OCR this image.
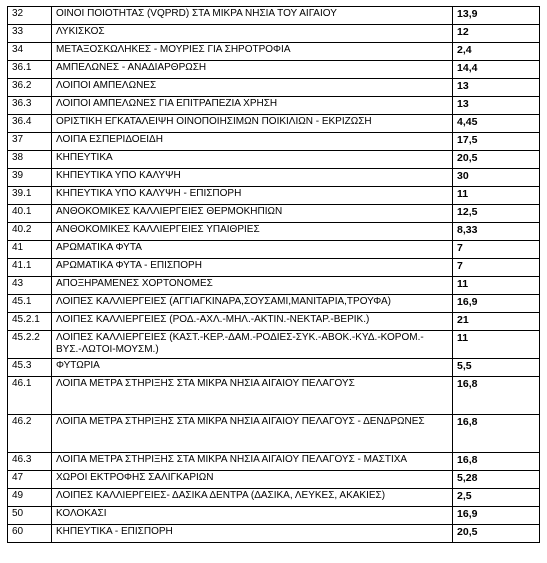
32	ΟΙΝΟΙ ΠΟΙΟΤΗΤΑΣ (VQPRD) ΣΤΑ ΜΙΚΡΑ ΝΗΣΙΑ ΤΟΥ ΑΙΓΑΙΟΥ	13,9
33	ΛΥΚΙΣΚΟΣ	12
34	ΜΕΤΑΞΟΣΚΩΛΗΚΕΣ - ΜΟΥΡΙΕΣ ΓΙΑ ΣΗΡΟΤΡΟΦΙΑ	2,4
36.1	ΑΜΠΕΛΩΝΕΣ - ΑΝΑΔΙΑΡΘΡΩΣΗ	14,4
36.2	ΛΟΙΠΟΙ ΑΜΠΕΛΩΝΕΣ	13
36.3	ΛΟΙΠΟΙ ΑΜΠΕΛΩΝΕΣ ΓΙΑ ΕΠΙΤΡΑΠΕΖΙΑ ΧΡΗΣΗ	13
36.4	ΟΡΙΣΤΙΚΗ ΕΓΚΑΤΑΛΕΙΨΗ ΟΙΝΟΠΟΙΗΣΙΜΩΝ ΠΟΙΚΙΛΙΩΝ - ΕΚΡΙΖΩΣΗ	4,45
37	ΛΟΙΠΑ ΕΣΠΕΡΙΔΟΕΙΔΗ	17,5
38	ΚΗΠΕΥΤΙΚΑ	20,5
39	ΚΗΠΕΥΤΙΚΑ ΥΠΟ ΚΑΛΥΨΗ	30
39.1	ΚΗΠΕΥΤΙΚΑ ΥΠΟ ΚΑΛΥΨΗ - ΕΠΙΣΠΟΡΗ	11
40.1	ΑΝΘΟΚΟΜΙΚΕΣ ΚΑΛΛΙΕΡΓΕΙΕΣ ΘΕΡΜΟΚΗΠΙΩΝ	12,5
40.2	ΑΝΘΟΚΟΜΙΚΕΣ ΚΑΛΛΙΕΡΓΕΙΕΣ ΥΠΑΙΘΡΙΕΣ	8,33
41	ΑΡΩΜΑΤΙΚΑ ΦΥΤΑ	7
41.1	ΑΡΩΜΑΤΙΚΑ ΦΥΤΑ - ΕΠΙΣΠΟΡΗ	7
43	ΑΠΟΞΗΡΑΜΕΝΕΣ ΧΟΡΤΟΝΟΜΕΣ	11
45.1	ΛΟΙΠΕΣ ΚΑΛΛΙΕΡΓΕΙΕΣ (ΑΓΓΙΑΓΚΙΝΑΡΑ,ΣΟΥΣΑΜΙ,ΜΑΝΙΤΑΡΙΑ,ΤΡΟΥΦΑ)	16,9
45.2.1	ΛΟΙΠΕΣ ΚΑΛΛΙΕΡΓΕΙΕΣ (ΡΟΔ.-ΑΧΛ.-ΜΗΛ.-ΑΚΤΙΝ.-ΝΕΚΤΑΡ.-ΒΕΡΙΚ.)	21
45.2.2	ΛΟΙΠΕΣ ΚΑΛΛΙΕΡΓΕΙΕΣ (ΚΑΣΤ.-ΚΕΡ.-ΔΑΜ.-ΡΟΔΙΕΣ-ΣΥΚ.-ΑΒΟΚ.-ΚΥΔ.-ΚΟΡΟΜ.-ΒΥΣ.-ΛΩΤΟΙ-ΜΟΥΣΜ.)	11
45.3	ΦΥΤΩΡΙΑ	5,5
46.1	ΛΟΙΠΑ ΜΕΤΡΑ ΣΤΗΡΙΞΗΣ ΣΤΑ ΜΙΚΡΑ ΝΗΣΙΑ ΑΙΓΑΙΟΥ ΠΕΛΑΓΟΥΣ	16,8
46.2	ΛΟΙΠΑ ΜΕΤΡΑ ΣΤΗΡΙΞΗΣ ΣΤΑ ΜΙΚΡΑ ΝΗΣΙΑ ΑΙΓΑΙΟΥ ΠΕΛΑΓΟΥΣ - ΔΕΝΔΡΩΝΕΣ	16,8
46.3	ΛΟΙΠΑ ΜΕΤΡΑ ΣΤΗΡΙΞΗΣ ΣΤΑ ΜΙΚΡΑ ΝΗΣΙΑ ΑΙΓΑΙΟΥ ΠΕΛΑΓΟΥΣ - ΜΑΣΤΙΧΑ	16,8
47	ΧΩΡΟΙ ΕΚΤΡΟΦΗΣ ΣΑΛΙΓΚΑΡΙΩΝ	5,28
49	ΛΟΙΠΕΣ ΚΑΛΛΙΕΡΓΕΙΕΣ- ΔΑΣΙΚΑ ΔΕΝΤΡΑ (ΔΑΣΙΚΑ, ΛΕΥΚΕΣ, ΑΚΑΚΙΕΣ)	2,5
50	ΚΟΛΟΚΑΣΙ	16,9
60	ΚΗΠΕΥΤΙΚΑ - ΕΠΙΣΠΟΡΗ	20,5
